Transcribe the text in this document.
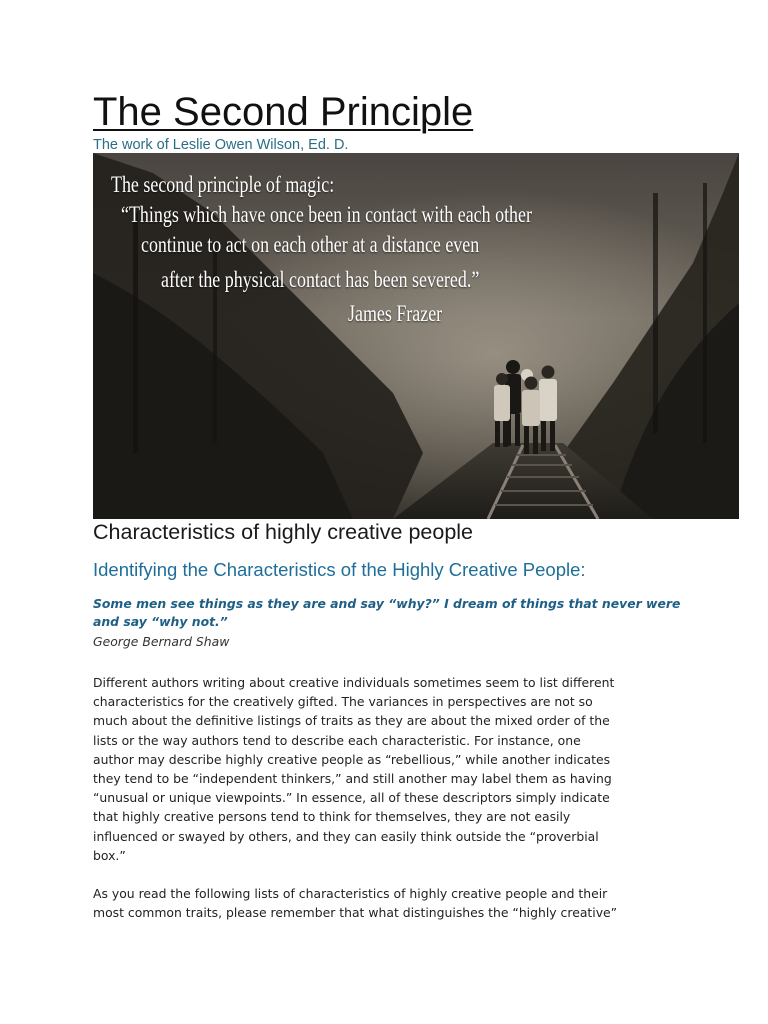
The Second Principle

The work of Leslie Owen Wilson, Ed. D.

The second principle of magic:
“Things which have once been in contact with each other
continue to act on each other at a distance even
after the physical contact has been severed.”
James Frazer
Characteristics of highly creative people
Identifying the Characteristics of the Highly Creative People:

Some men see things as they are and say “why?” I dream of things that never were and say “why not.”

George Bernard Shaw

Different authors writing about creative individuals sometimes seem to list different
characteristics for the creatively gifted. The variances in perspectives are not so
much about the definitive listings of traits as they are about the mixed order of the
lists or the way authors tend to describe each characteristic. For instance, one
author may describe highly creative people as “rebellious,” while another indicates
they tend to be “independent thinkers,” and still another may label them as having
“unusual or unique viewpoints.” In essence, all of these descriptors simply indicate
that highly creative persons tend to think for themselves, they are not easily
influenced or swayed by others, and they can easily think outside the “proverbial
box.”

As you read the following lists of characteristics of highly creative people and their
most common traits, please remember that what distinguishes the “highly creative”
